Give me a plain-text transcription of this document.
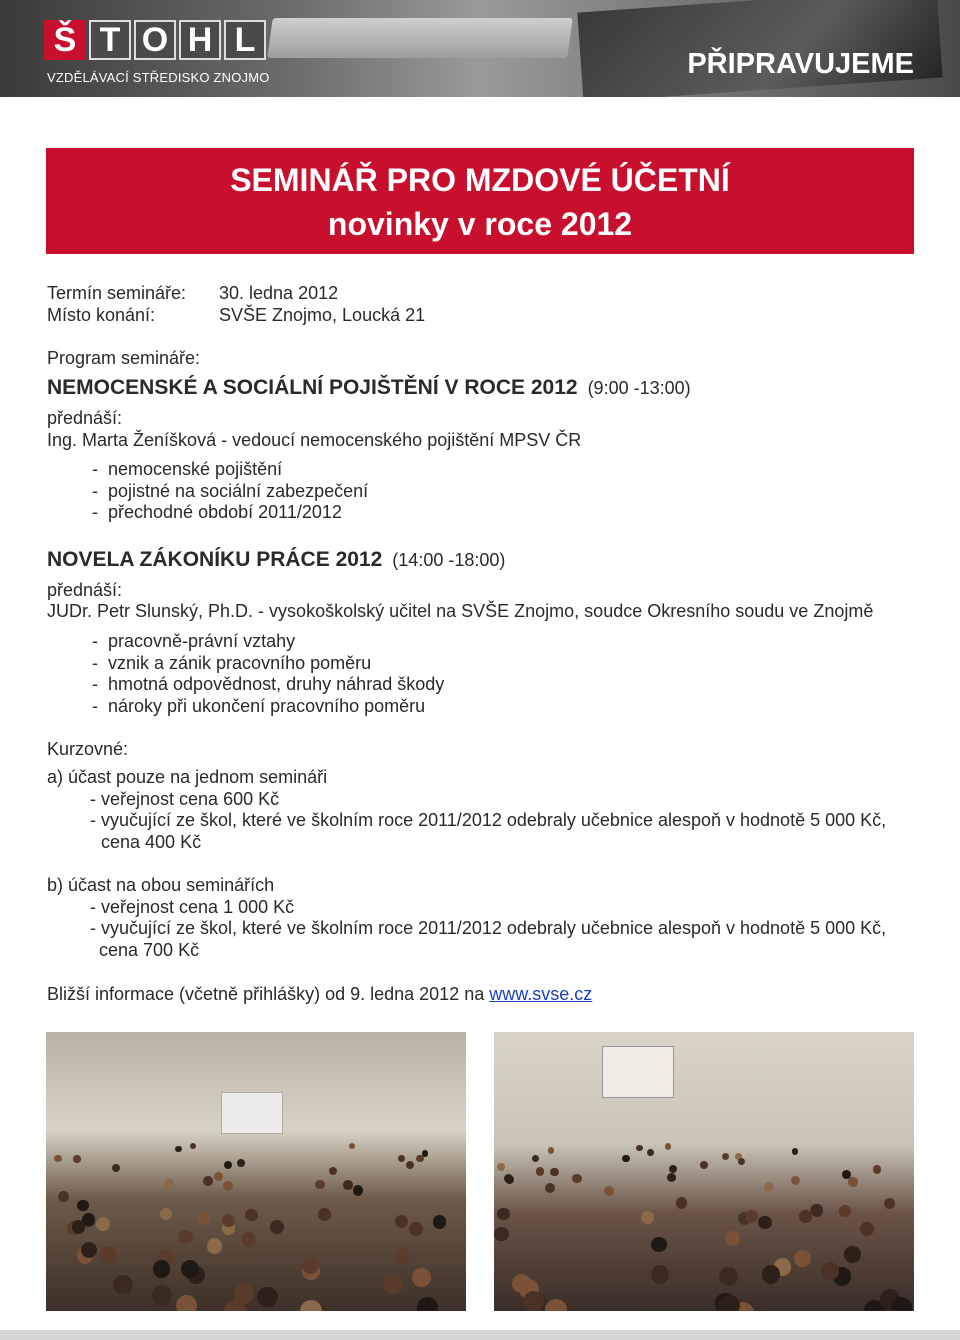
Š T O H L
VZDĚLÁVACÍ STŘEDISKO ZNOJMO	PŘIPRAVUJEME
SEMINÁŘ PRO MZDOVÉ ÚČETNÍ
novinky v roce 2012
Termín semináře: 30. ledna 2012
Místo konání:	SVŠE Znojmo, Loucká 21
Program semináře:
NEMOCENSKÉ A SOCIÁLNÍ POJIŠTĚNÍ V ROCE 2012 (9:00 -13:00)
přednáší:
Ing. Marta Ženíšková - vedoucí nemocenského pojištění MPSV ČR
-  nemocenské pojištění
-  pojistné na sociální zabezpečení
-  přechodné období 2011/2012
NOVELA ZÁKONÍKU PRÁCE 2012 (14:00 -18:00)
přednáší:
JUDr. Petr Slunský, Ph.D. - vysokoškolský učitel na SVŠE Znojmo, soudce Okresního soudu ve Znojmě
-  pracovně-právní vztahy
-  vznik a zánik pracovního poměru
-  hmotná odpovědnost, druhy náhrad škody
-  nároky při ukončení pracovního poměru
Kurzovné:
a) účast pouze na jednom semináři
- veřejnost cena 600 Kč
- vyučující ze škol, které ve školním roce 2011/2012 odebraly učebnice alespoň v hodnotě 5 000 Kč,
cena 400 Kč
b) účast na obou seminářích
- veřejnost cena 1 000 Kč
- vyučující ze škol, které ve školním roce 2011/2012 odebraly učebnice alespoň v hodnotě 5 000 Kč,
cena 700 Kč
Bližší informace (včetně přihlášky) od 9. ledna 2012 na www.svse.cz
